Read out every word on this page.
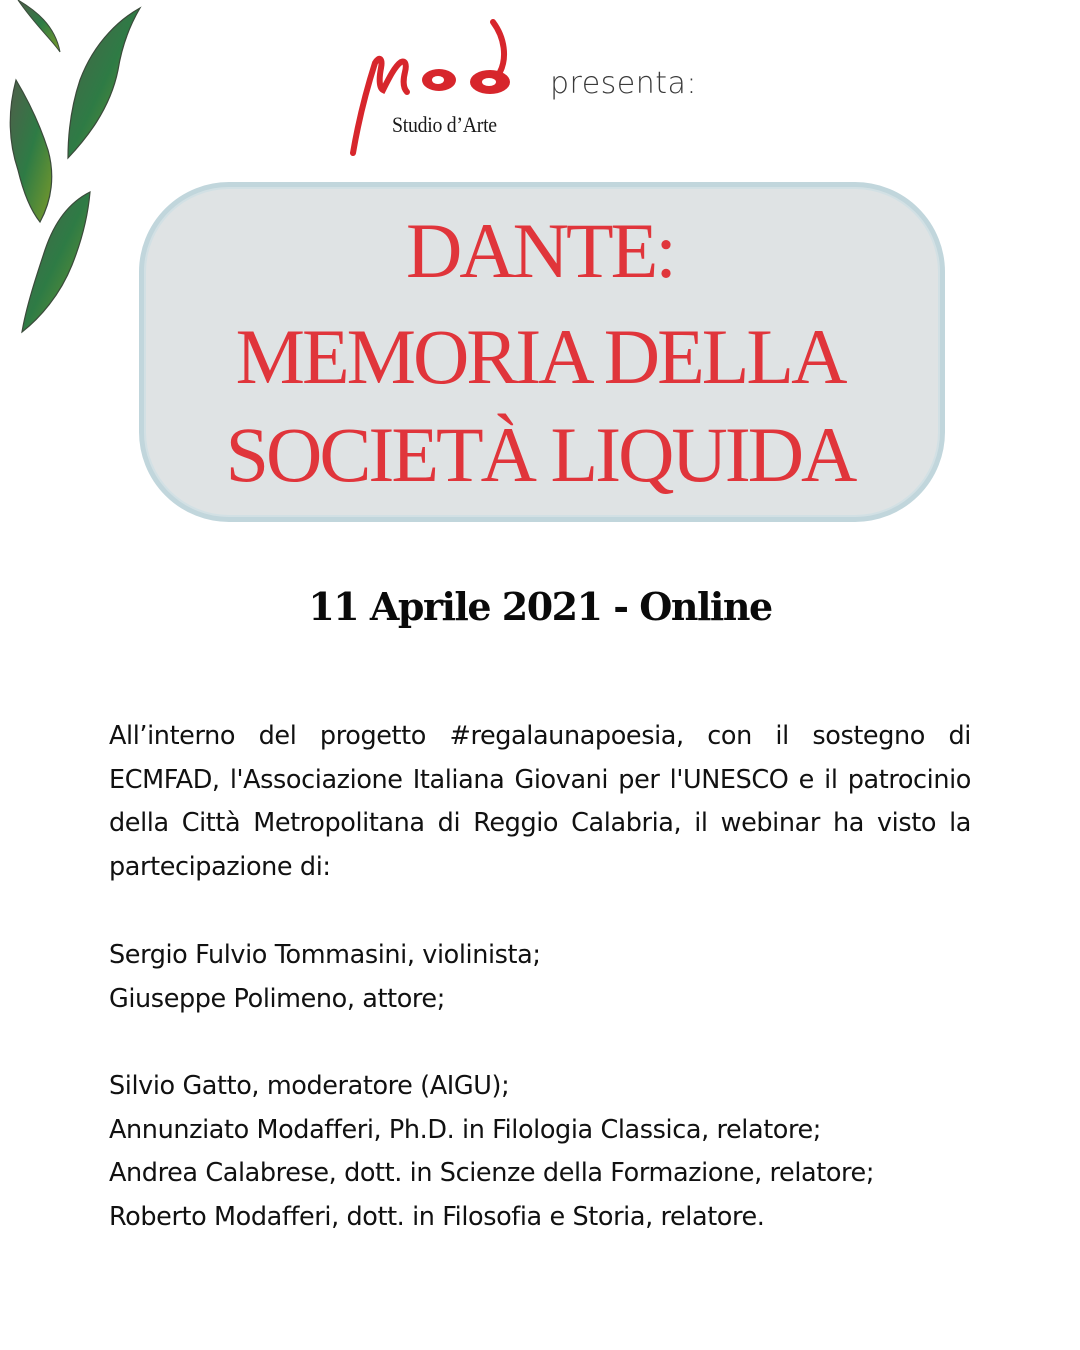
Studio d’Arte
presenta:
DANTE:
MEMORIA DELLA
SOCIETÀ LIQUIDA
11 Aprile 2021 - Online
All’interno del progetto #regalaunapoesia, con il sostegno di ECMFAD, l'Associazione Italiana Giovani per l'UNESCO e il patrocinio della Città Metropolitana di Reggio Calabria, il webinar ha visto la partecipazione di:
Sergio Fulvio Tommasini, violinista;
Giuseppe Polimeno, attore;
Silvio Gatto, moderatore (AIGU);
Annunziato Modafferi, Ph.D. in Filologia Classica, relatore;
Andrea Calabrese, dott. in Scienze della Formazione, relatore;
Roberto Modafferi, dott. in Filosofia e Storia, relatore.
